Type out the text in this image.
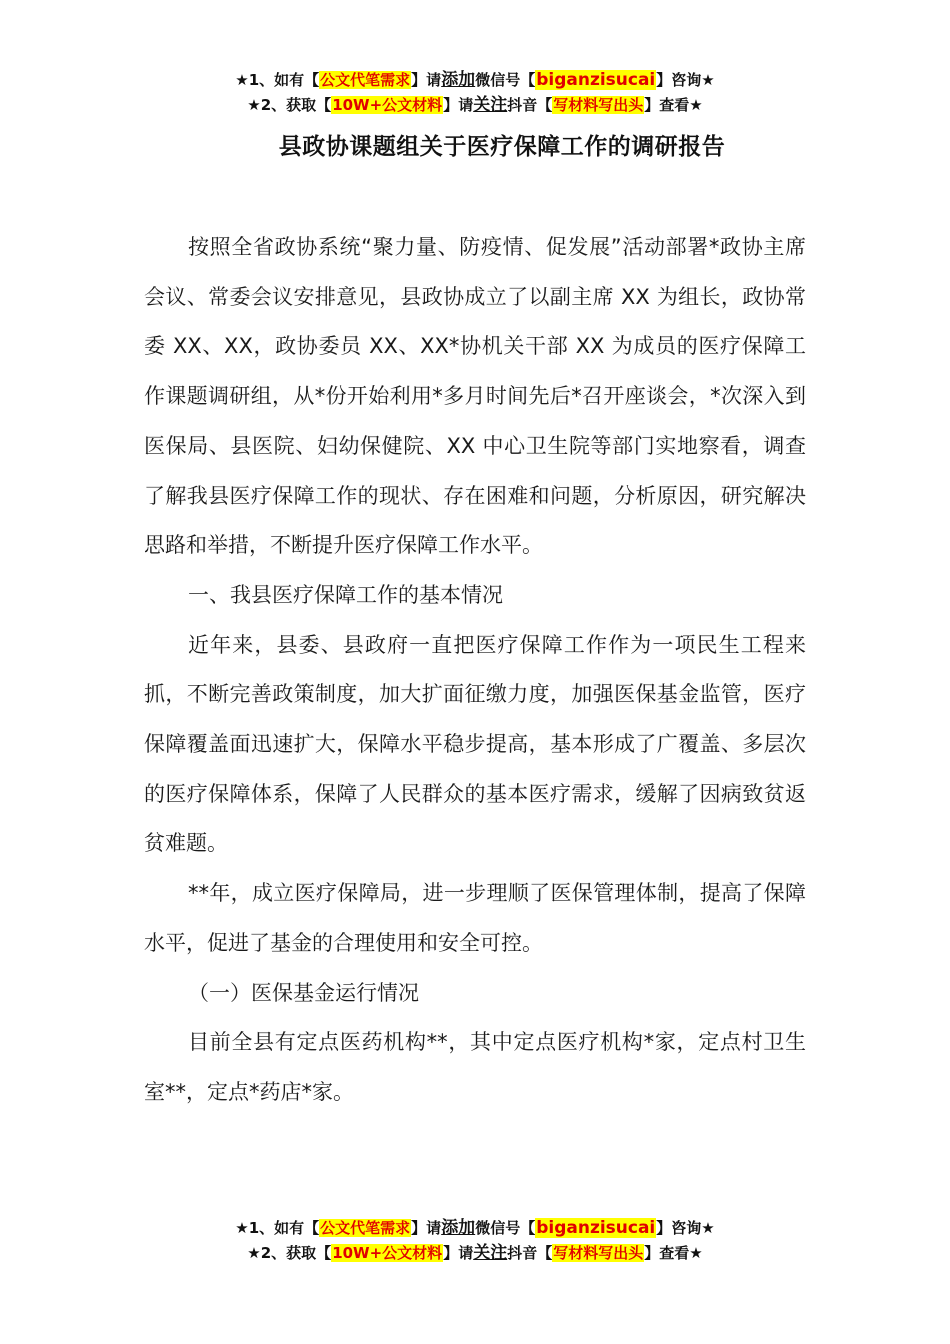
★1、如有【公文代笔需求】请添加微信号【biganzisucai】咨询★
★2、获取【10W+公文材料】请关注抖音【写材料写出头】查看★
县政协课题组关于医疗保障工作的调研报告

按照全省政协系统“聚力量、防疫情、促发展”活动部署*政协主席会议、常委会议安排意见，县政协成立了以副主席 XX 为组长，政协常委 XX、XX，政协委员 XX、XX*协机关干部 XX 为成员的医疗保障工作课题调研组，从*份开始利用*多月时间先后*召开座谈会，*次深入到医保局、县医院、妇幼保健院、XX 中心卫生院等部门实地察看，调查了解我县医疗保障工作的现状、存在困难和问题，分析原因，研究解决思路和举措，不断提升医疗保障工作水平。

一、我县医疗保障工作的基本情况

近年来，县委、县政府一直把医疗保障工作作为一项民生工程来抓，不断完善政策制度，加大扩面征缴力度，加强医保基金监管，医疗保障覆盖面迅速扩大，保障水平稳步提高，基本形成了广覆盖、多层次的医疗保障体系，保障了人民群众的基本医疗需求，缓解了因病致贫返贫难题。

**年，成立医疗保障局，进一步理顺了医保管理体制，提高了保障水平，促进了基金的合理使用和安全可控。

（一）医保基金运行情况

目前全县有定点医药机构**，其中定点医疗机构*家，定点村卫生室**，定点*药店*家。

★1、如有【公文代笔需求】请添加微信号【biganzisucai】咨询★
★2、获取【10W+公文材料】请关注抖音【写材料写出头】查看★
